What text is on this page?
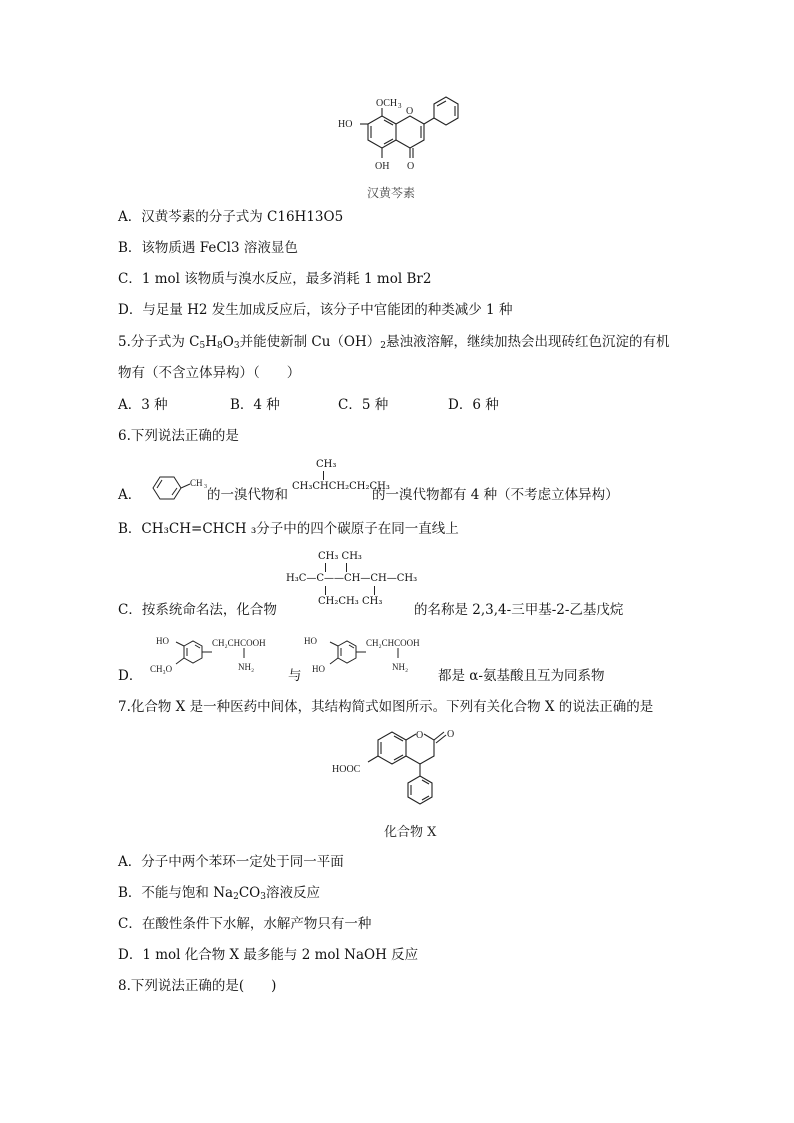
OCH 3
HO
OH
O
O
汉黄芩素
A．汉黄芩素的分子式为 C16H13O5
B．该物质遇 FeCl3 溶液显色
C．1 mol 该物质与溴水反应，最多消耗 1 mol Br2
D．与足量 H2 发生加成反应后，该分子中官能团的种类减少 1 种
5.分子式为 $C_5H_8O_3$并能使新制 $Cu(OH)_2$悬浊液溶解，继续加热会出现砖红色沉淀的有机
物有（不含立体异构）（　　）
A．3 种	B．4 种	C．5 种	D．6 种
6.下列说法正确的是
A．
CH 3 的一溴代物和
CH₃
CH₃CHCH₂CH₂CH₃
的一溴代物都有 4 种（不考虑立体异构）
B．CH₃CH=CHCH ₃分子中的四个碳原子在同一直线上
CH₃ CH₃
H₃C—C——CH—CH—CH₃
CH₂CH₃ CH₃
C．按系统命名法，化合物	的名称是 2,3,4-三甲基-2-乙基戊烷
D．
HO
CH₃O
CH₂CHCOOH
NH₂
与
HO
HO
CH₂CHCOOH
NH₂
都是 α-氨基酸且互为同系物
7.化合物 X 是一种医药中间体，其结构简式如图所示。下列有关化合物 X 的说法正确的是
O O
HOOC
化合物 X
A．分子中两个苯环一定处于同一平面
B．不能与饱和 $Na_2CO_3$溶液反应
C．在酸性条件下水解，水解产物只有一种
D．1 mol 化合物 X 最多能与 2 mol NaOH 反应
8.下列说法正确的是(　　)
